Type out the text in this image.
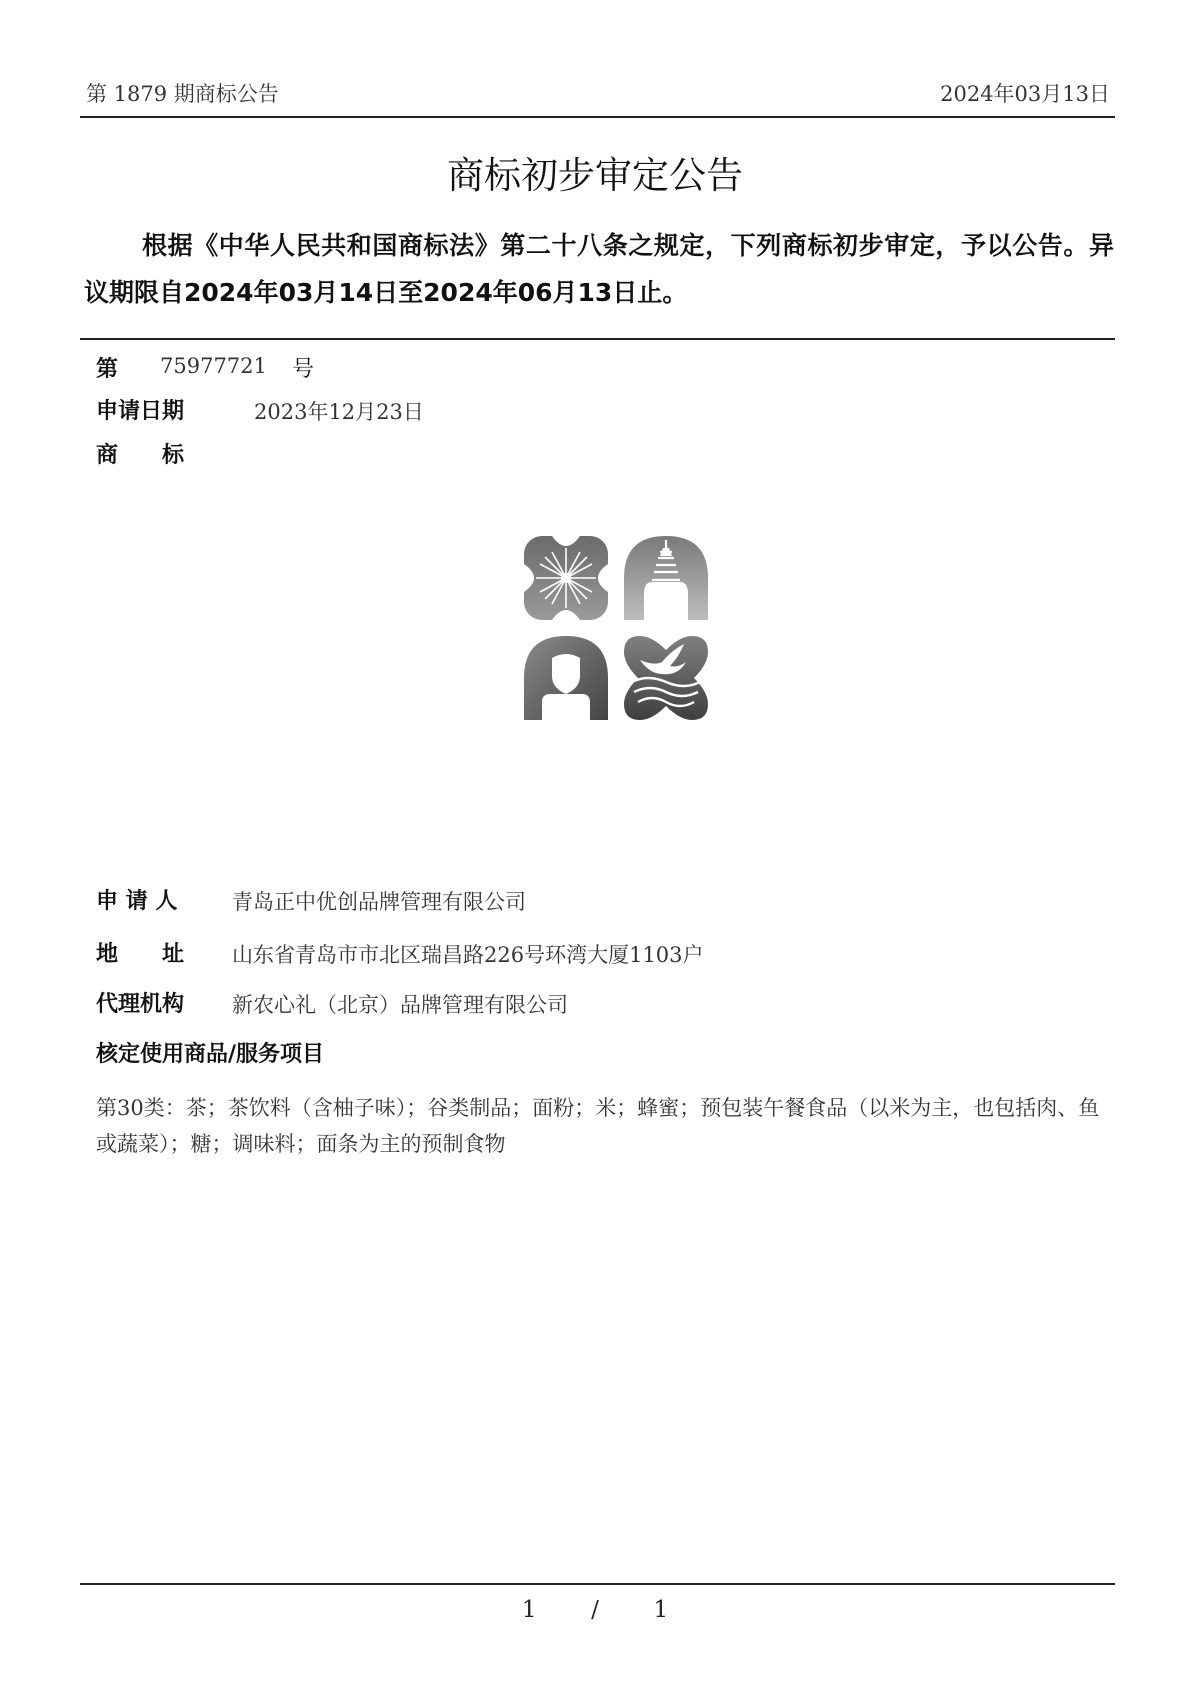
第 1879 期商标公告	2024年03月13日
商标初步审定公告
根据《中华人民共和国商标法》第二十八条之规定，下列商标初步审定，予以公告。异议期限自2024年03月14日至2024年06月13日止。
第 75977721 号
申请日期	2023年12月23日
商　　标
申 请 人	青岛正中优创品牌管理有限公司
地　　址 山东省青岛市市北区瑞昌路226号环湾大厦1103户
代理机构 新农心礼（北京）品牌管理有限公司
核定使用商品/服务项目
第30类：茶；茶饮料（含柚子味）；谷类制品；面粉；米；蜂蜜；预包装午餐食品（以米为主，也包括肉、鱼或蔬菜）；糖；调味料；面条为主的预制食物
1 / 1
